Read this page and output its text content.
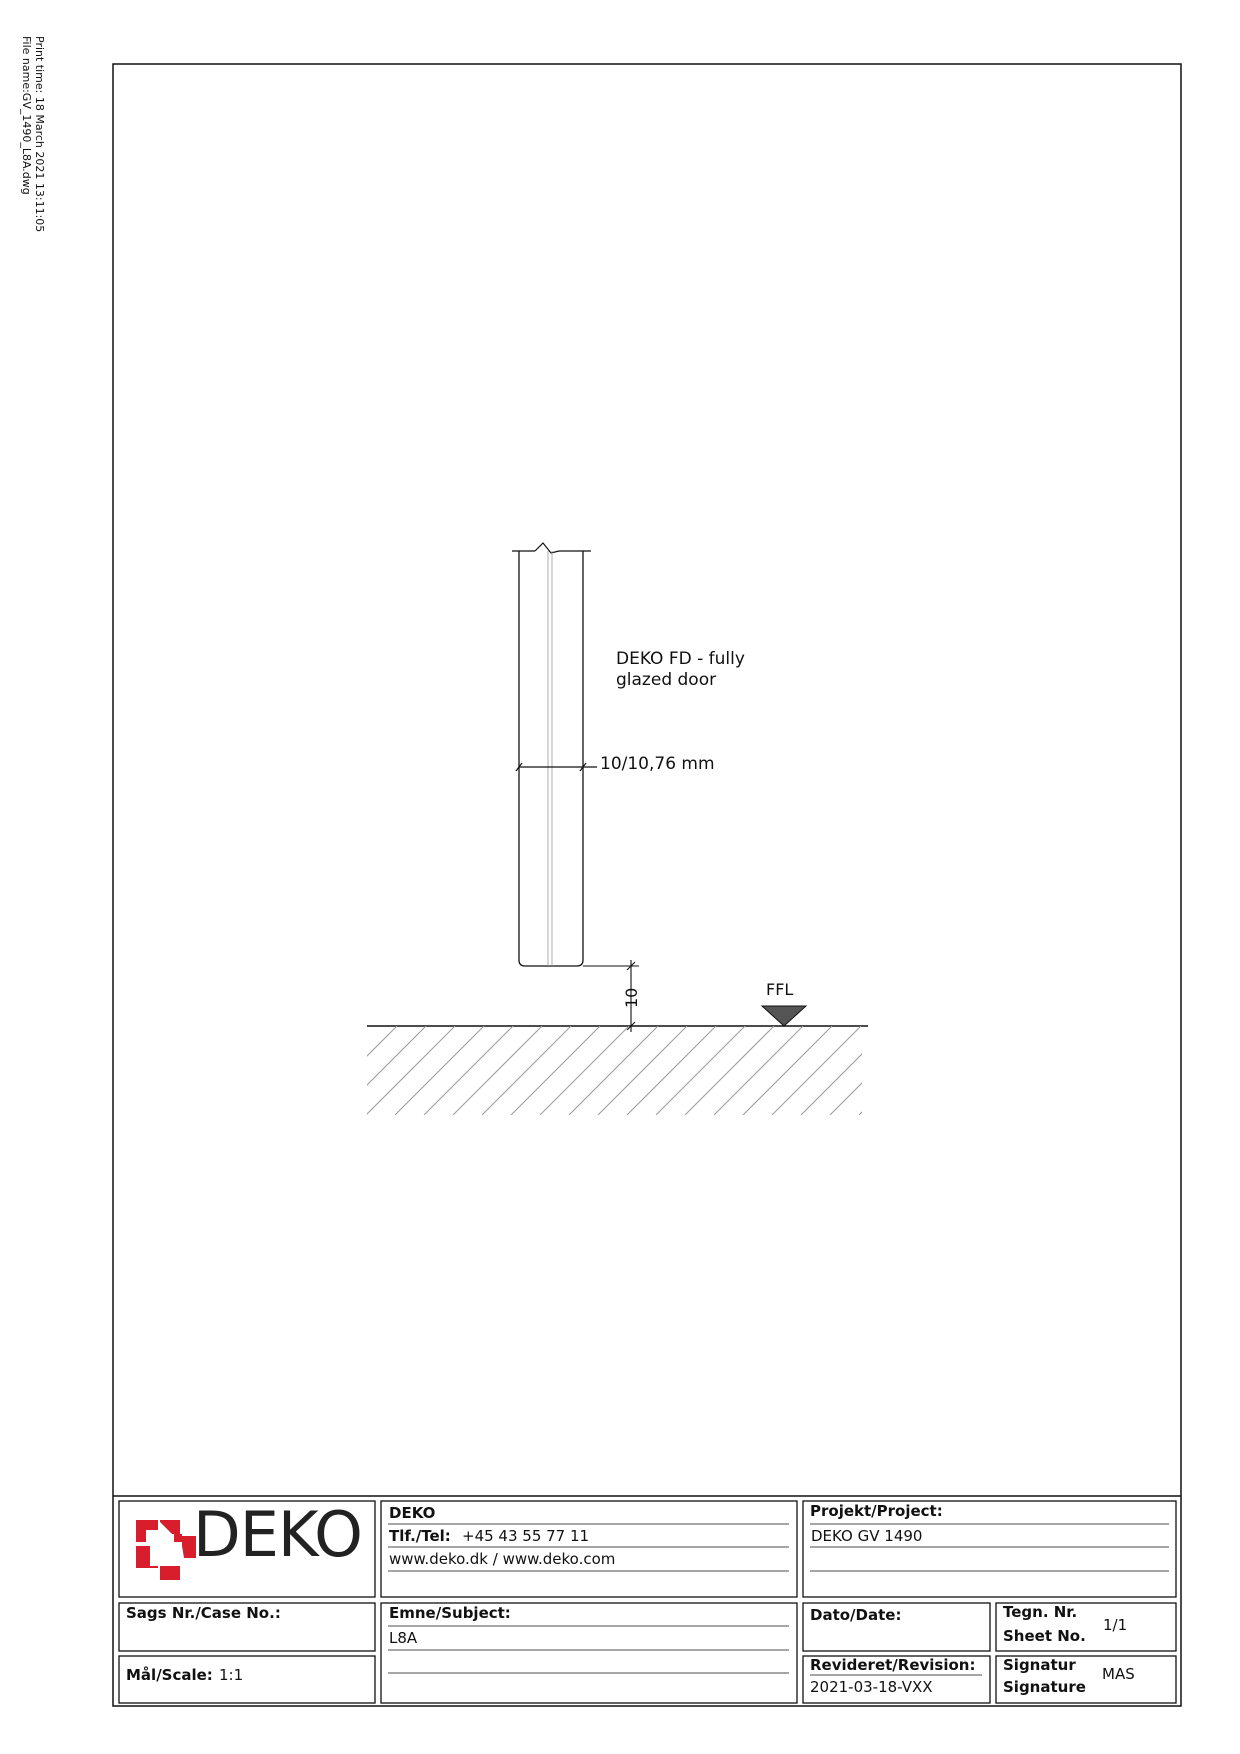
Print time: 18 March 2021 13:11:05
File name:GV_1490_L8A.dwg
DEKO FD - fully
glazed door
10/10,76 mm
FFL
10
DEKO DEKO
Tlf./Tel: +45 43 55 77 11
www.deko.dk / www.deko.com
Projekt/Project:
DEKO GV 1490
Sags Nr./Case No.:	Emne/Subject:
L8A
Dato/Date:	Tegn. Nr.
Sheet No.
1/1
Mål/Scale: 1:1
Revideret/Revision:
2021-03-18-VXX
Signatur
Signature
MAS
